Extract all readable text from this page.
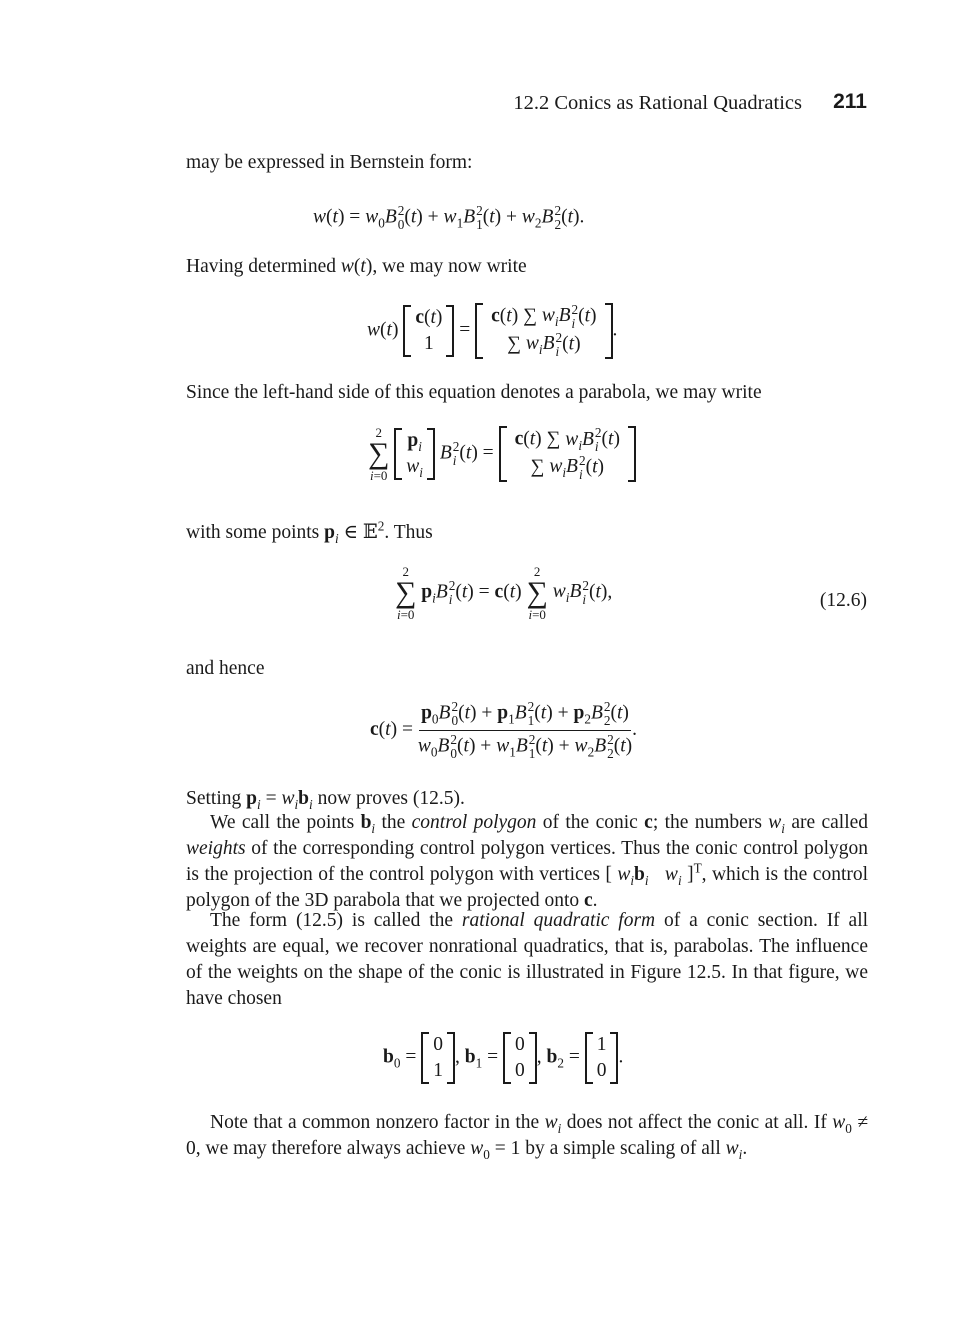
12.2 Conics as Rational Quadratics 211
may be expressed in Bernstein form:
$w(t) = w_0B$ 2
0 $(t) + w_1B$ 2
1 $(t) + w_2B$ 2
2 (t).
Having determined w(t), we may now write
w(t)
c(t)
1
=
c(t) ∑ $w_iB$ 2
i (t)
∑ $w_iB$ 2
i (t)
.
Since the left-hand side of this equation denotes a parabola, we may write
2
∑
i=0

$p_i$
$w_i$
B 2
i (t) =
c(t) ∑ $w_iB$ 2
i (t)
∑ $w_iB$ 2
i (t)
with some points $p_i$ ∈ 𝔼$^2$. Thus
2
∑
i=0
$p_iB$ 2
i (t) = c(t)
2
∑
i=0
$w_iB$ 2
i (t),	(12.6)
and hence
$c(t) = p_0B$ 2
0 $(t) + p_1B$ 2
1 $(t) + p_2B$ 2
2 (t)
$w_0B$ 2
0 $(t) + w_1B$ 2
1 $(t) + w_2B$ 2
2 (t) .
Setting $p_i = w_ib_i$ now proves (12.5).

We call the points $b_i$ the control polygon of the conic c; the numbers $w_i$ are called weights of the corresponding control polygon vertices. Thus the conic control polygon is the projection of the control polygon with vertices [ $w_ib_i$ $w_i$ ]$^T$, which is the control polygon of the 3D parabola that we projected onto c.

The form (12.5) is called the rational quadratic form of a conic section. If all weights are equal, we recover nonrational quadratics, that is, parabolas. The influence of the weights on the shape of the conic is illustrated in Figure 12.5. In that figure, we have chosen

$b_0$ =
0
1
, $b_1$ =
0
0
, $b_2$ =
1
0
.

Note that a common nonzero factor in the $w_i$ does not affect the conic at all. If $w_0 \ne 0$, we may therefore always achieve $w_0 = 1$ by a simple scaling of all $w_i$.
